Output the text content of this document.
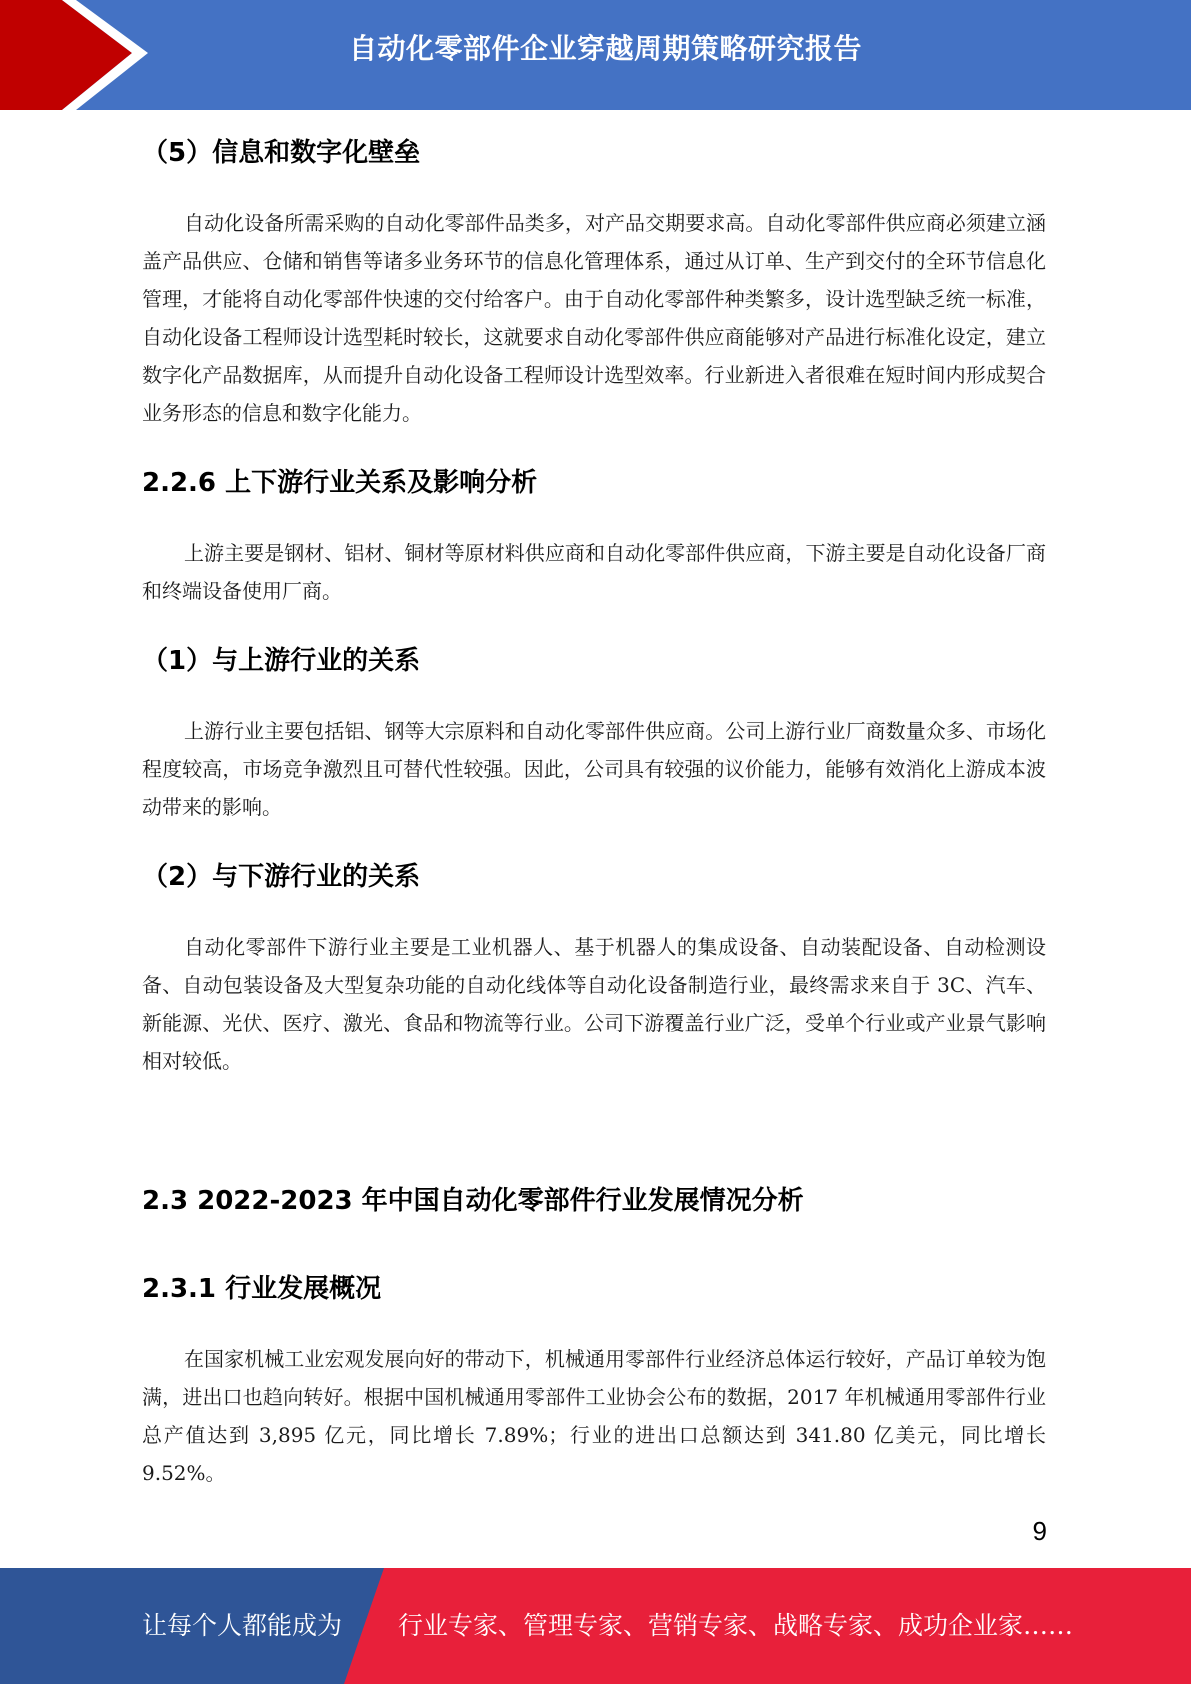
自动化零部件企业穿越周期策略研究报告
（5）信息和数字化壁垒

自动化设备所需采购的自动化零部件品类多，对产品交期要求高。自动化零部件供应商必须建立涵盖产品供应、仓储和销售等诸多业务环节的信息化管理体系，通过从订单、生产到交付的全环节信息化管理，才能将自动化零部件快速的交付给客户。由于自动化零部件种类繁多，设计选型缺乏统一标准，自动化设备工程师设计选型耗时较长，这就要求自动化零部件供应商能够对产品进行标准化设定，建立数字化产品数据库，从而提升自动化设备工程师设计选型效率。行业新进入者很难在短时间内形成契合业务形态的信息和数字化能力。

2.2.6 上下游行业关系及影响分析

上游主要是钢材、铝材、铜材等原材料供应商和自动化零部件供应商，下游主要是自动化设备厂商和终端设备使用厂商。

（1）与上游行业的关系

上游行业主要包括铝、钢等大宗原料和自动化零部件供应商。公司上游行业厂商数量众多、市场化程度较高，市场竞争激烈且可替代性较强。因此，公司具有较强的议价能力，能够有效消化上游成本波动带来的影响。

（2）与下游行业的关系

自动化零部件下游行业主要是工业机器人、基于机器人的集成设备、自动装配设备、自动检测设备、自动包装设备及大型复杂功能的自动化线体等自动化设备制造行业，最终需求来自于 3C、汽车、新能源、光伏、医疗、激光、食品和物流等行业。公司下游覆盖行业广泛，受单个行业或产业景气影响相对较低。

2.3 2022-2023 年中国自动化零部件行业发展情况分析
2.3.1 行业发展概况

在国家机械工业宏观发展向好的带动下，机械通用零部件行业经济总体运行较好，产品订单较为饱满，进出口也趋向转好。根据中国机械通用零部件工业协会公布的数据，2017 年机械通用零部件行业总产值达到 3,895 亿元，同比增长 7.89%；行业的进出口总额达到 341.80 亿美元，同比增长 9.52%。

9
让每个人都能成为 行业专家、管理专家、营销专家、战略专家、成功企业家……
